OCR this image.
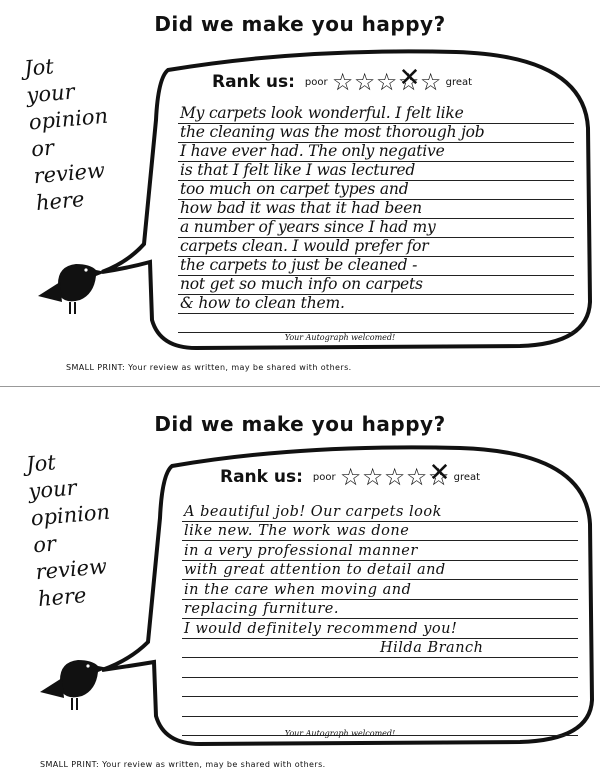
Did we make you happy?
Jot
your
opinion
or
review
here
Rank us: poor ☆ ☆ ☆ ☆ ✕ ☆ great
My carpets look wonderful. I felt like
the cleaning was the most thorough job
I have ever had. The only negative
is that I felt like I was lectured
too much on carpet types and
how bad it was that it had been
a number of years since I had my
carpets clean. I would prefer for
the carpets to just be cleaned -
not get so much info on carpets
& how to clean them.
Your Autograph welcomed!
SMALL PRINT: Your review as written, may be shared with others.
Did we make you happy?
Jot
your
opinion
or
review
here
Rank us: poor ☆ ☆ ☆ ☆ ☆ ✕ great
A beautiful job! Our carpets look
like new. The work was done
in a very professional manner
with great attention to detail and
in the care when moving and
replacing furniture.
I would definitely recommend you!
Hilda Branch
Your Autograph welcomed!
SMALL PRINT: Your review as written, may be shared with others.
